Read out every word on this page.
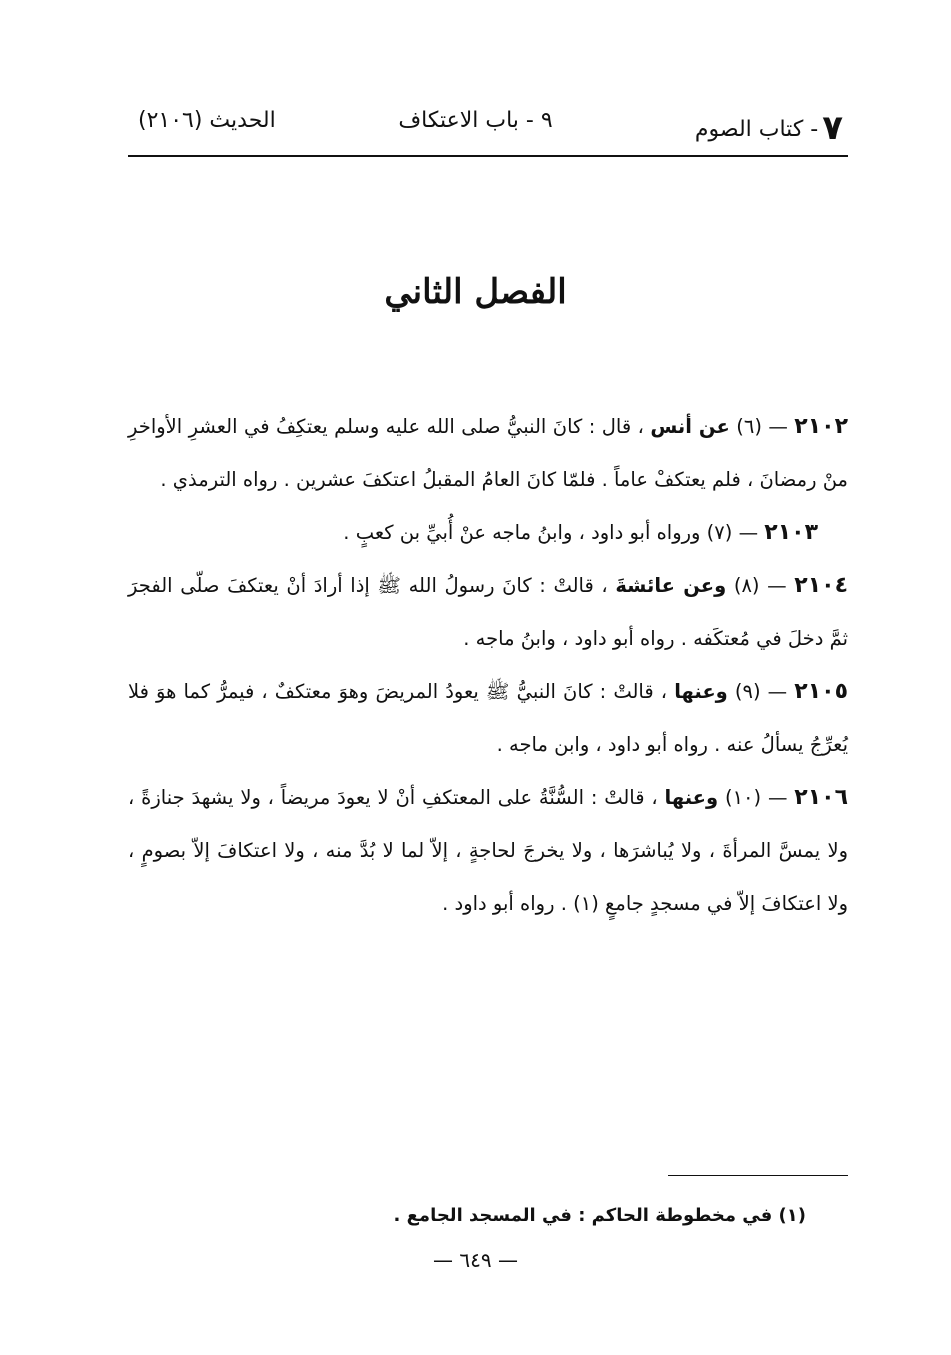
٧- كتاب الصوم
٩ - باب الاعتكاف
الحديث (٢١٠٦)
الفصل الثاني

٢١٠٢ — (٦) عن أنس ، قال : كانَ النبيُّ صلى الله عليه وسلم يعتكِفُ في العشرِ الأواخرِ منْ رمضانَ ، فلم يعتكفْ عاماً . فلمّا كانَ العامُ المقبلُ اعتكفَ عشرين . رواه الترمذي .

٢١٠٣ — (٧) ورواه أبو داود ، وابنُ ماجه عنْ أُبيِّ بن كعبٍ .

٢١٠٤ — (٨) وعن عائشةَ ، قالتْ : كانَ رسولُ الله ﷺ إذا أرادَ أنْ يعتكفَ صلّى الفجرَ ثمَّ دخلَ في مُعتكَفه . رواه أبو داود ، وابنُ ماجه .

٢١٠٥ — (٩) وعنها ، قالتْ : كانَ النبيُّ ﷺ يعودُ المريضَ وهوَ معتكفٌ ، فيمرُّ كما هوَ فلا يُعرِّجُ يسألُ عنه . رواه أبو داود ، وابن ماجه .

٢١٠٦ — (١٠) وعنها ، قالتْ : السُّنَّةُ على المعتكفِ أنْ لا يعودَ مريضاً ، ولا يشهدَ جنازةً ، ولا يمسَّ المرأةَ ، ولا يُباشرَها ، ولا يخرجَ لحاجةٍ ، إلاّ لما لا بُدَّ منه ، ولا اعتكافَ إلاّ بصومٍ ، ولا اعتكافَ إلاّ في مسجدٍ جامعٍ (١) . رواه أبو داود .

(١) في مخطوطة الحاكم : في المسجد الجامع .
— ٦٤٩ —
